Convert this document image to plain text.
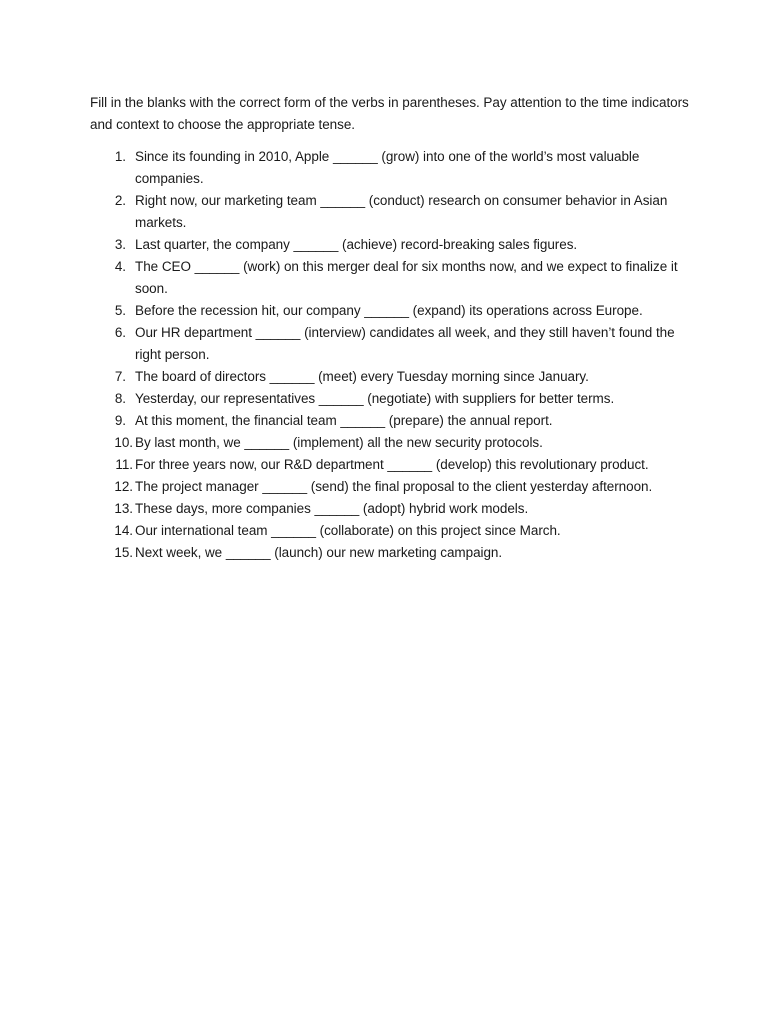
Fill in the blanks with the correct form of the verbs in parentheses. Pay attention to the time indicators and context to choose the appropriate tense.

1. Since its founding in 2010, Apple ______ (grow) into one of the world’s most valuable companies.
2. Right now, our marketing team ______ (conduct) research on consumer behavior in Asian markets.
3. Last quarter, the company ______ (achieve) record-breaking sales figures.
4. The CEO ______ (work) on this merger deal for six months now, and we expect to finalize it soon.
5. Before the recession hit, our company ______ (expand) its operations across Europe.
6. Our HR department ______ (interview) candidates all week, and they still haven’t found the right person.
7. The board of directors ______ (meet) every Tuesday morning since January.
8. Yesterday, our representatives ______ (negotiate) with suppliers for better terms.
9. At this moment, the financial team ______ (prepare) the annual report.
10. By last month, we ______ (implement) all the new security protocols.
11. For three years now, our R&D department ______ (develop) this revolutionary product.
12. The project manager ______ (send) the final proposal to the client yesterday afternoon.
13. These days, more companies ______ (adopt) hybrid work models.
14. Our international team ______ (collaborate) on this project since March.
15. Next week, we ______ (launch) our new marketing campaign.
